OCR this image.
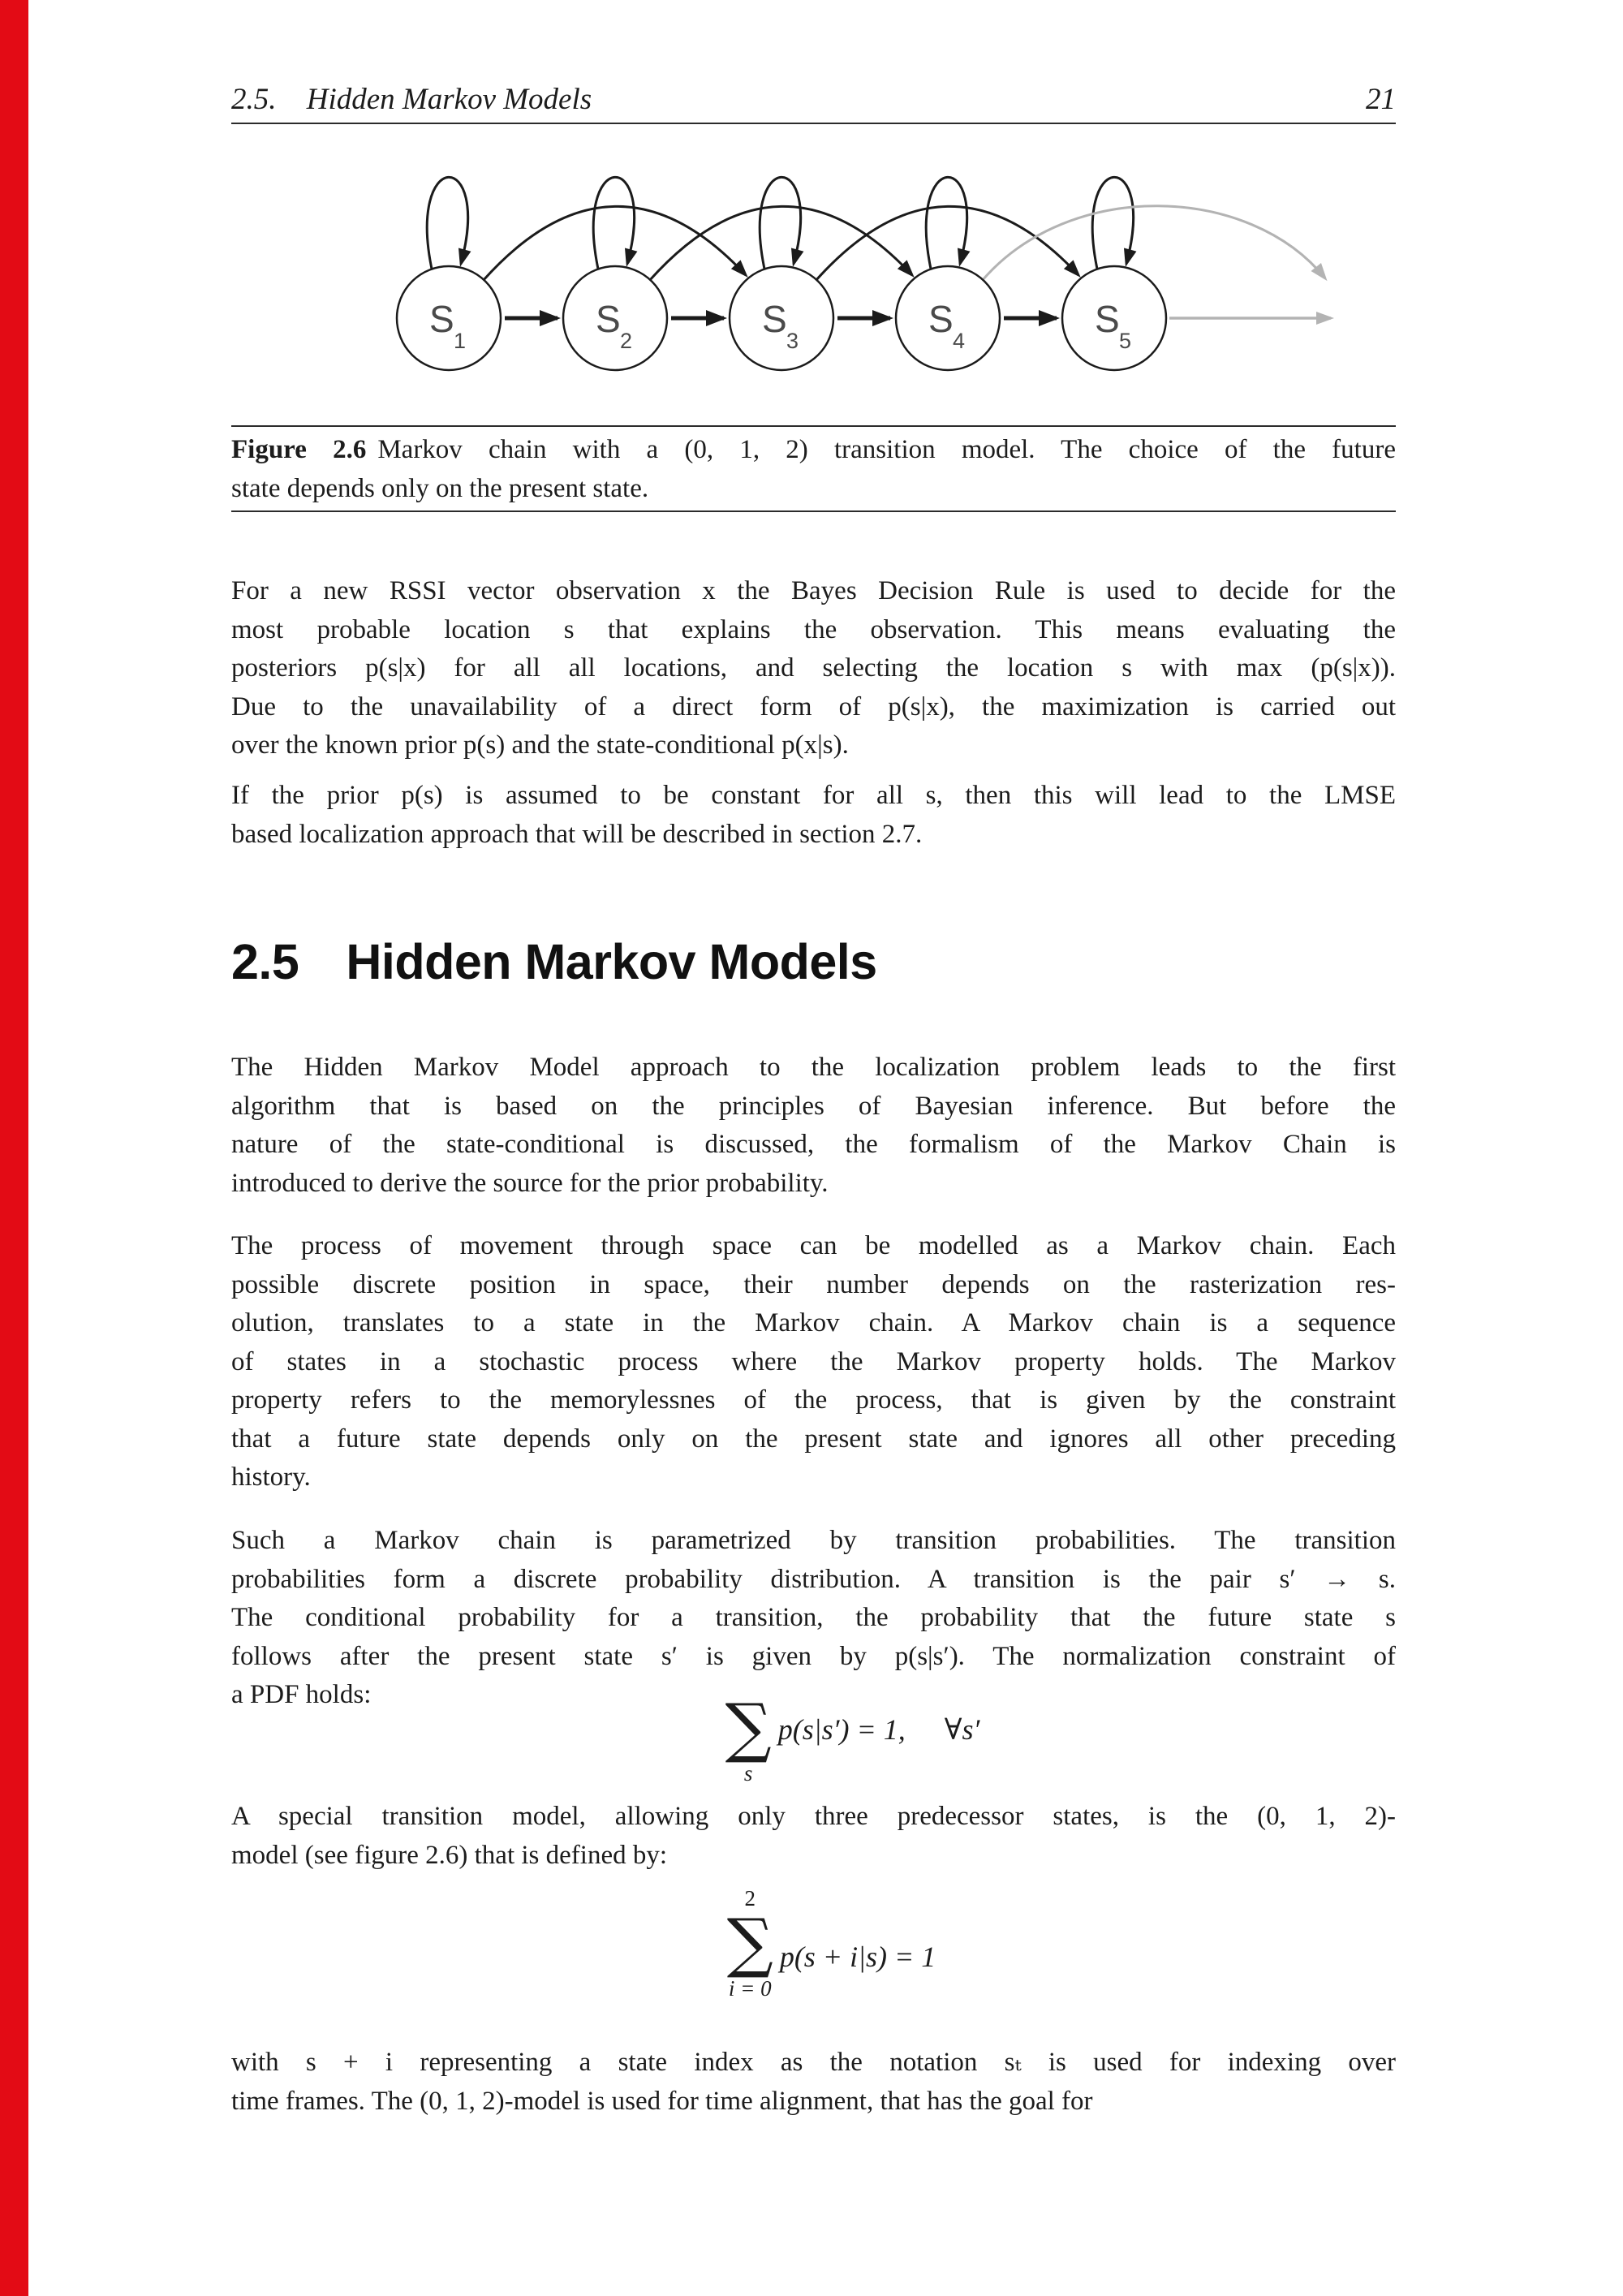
2.5. Hidden Markov Models	21
S
1
S
2
S
3
S
4
S
5
Figure 2.6 Markov chain with a (0, 1, 2) transition model. The choice of the future
state depends only on the present state.
For a new RSSI vector observation x the Bayes Decision Rule is used to decide for the
most probable location s that explains the observation. This means evaluating the
posteriors p(s|x) for all all locations, and selecting the location s with max (p(s|x)).
Due to the unavailability of a direct form of p(s|x), the maximization is carried out
over the known prior p(s) and the state-conditional p(x|s).
If the prior p(s) is assumed to be constant for all s, then this will lead to the LMSE
based localization approach that will be described in section 2.7.
2.5 Hidden Markov Models
The Hidden Markov Model approach to the localization problem leads to the first
algorithm that is based on the principles of Bayesian inference. But before the
nature of the state-conditional is discussed, the formalism of the Markov Chain is
introduced to derive the source for the prior probability.
The process of movement through space can be modelled as a Markov chain. Each
possible discrete position in space, their number depends on the rasterization res-
olution, translates to a state in the Markov chain. A Markov chain is a sequence
of states in a stochastic process where the Markov property holds. The Markov
property refers to the memorylessnes of the process, that is given by the constraint
that a future state depends only on the present state and ignores all other preceding
history.
Such a Markov chain is parametrized by transition probabilities. The transition
probabilities form a discrete probability distribution. A transition is the pair s′ → s.
The conditional probability for a transition, the probability that the future state s
follows after the present state s′ is given by p(s|s′). The normalization constraint of
a PDF holds:	∑
s
p(s|s′) = 1, ∀s′
A special transition model, allowing only three predecessor states, is the (0, 1, 2)-
model (see figure 2.6) that is defined by:
2
∑
i = 0
p(s + i|s) = 1
with s + i representing a state index as the notation sₜ is used for indexing over
time frames. The (0, 1, 2)-model is used for time alignment, that has the goal for
